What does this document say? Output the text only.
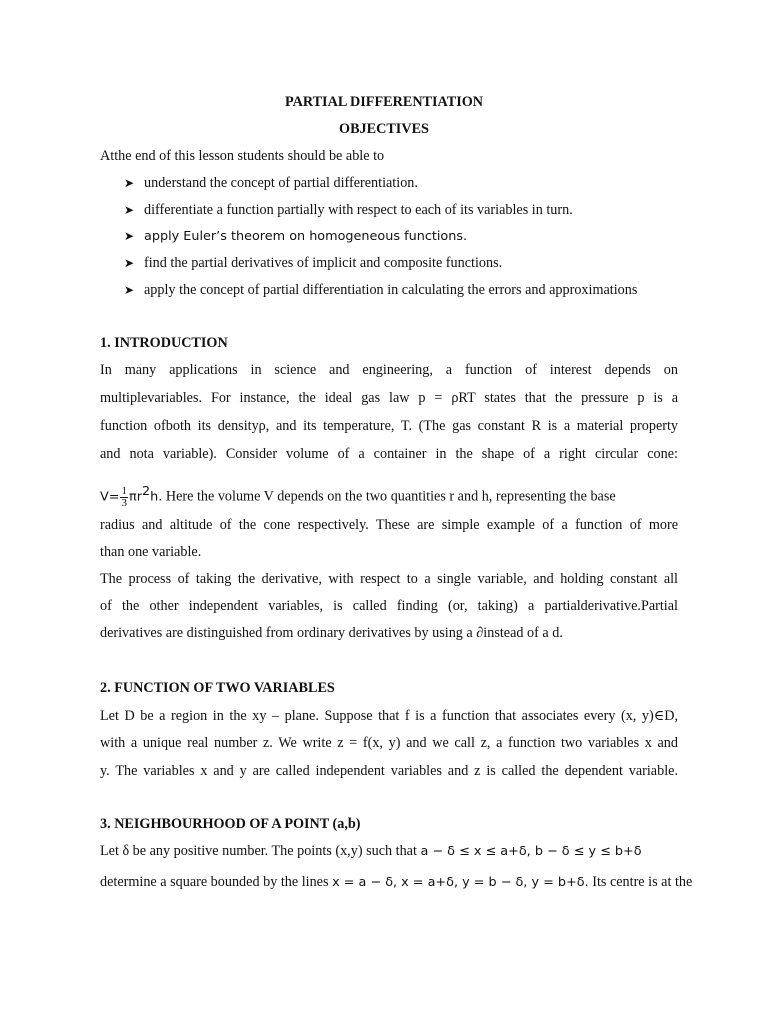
PARTIAL DIFFERENTIATION
OBJECTIVES
Atthe end of this lesson students should be able to
➤ understand the concept of partial differentiation.
➤ differentiate a function partially with respect to each of its variables in turn.
➤ apply Euler’s theorem on homogeneous functions.
➤ find the partial derivatives of implicit and composite functions.
➤ apply the concept of partial differentiation in calculating the errors and approximations
1. INTRODUCTION
In many applications in science and engineering, a function of interest depends on
multiplevariables. For instance, the ideal gas law p = ρRT states that the pressure p is a
function ofboth its densityρ, and its temperature, T. (The gas constant R is a material property
and nota variable). Consider volume of a container in the shape of a right circular cone:
$V= \frac{1}{3} \pi r^2h$. Here the volume V depends on the two quantities r and h, representing the base
radius and altitude of the cone respectively. These are simple example of a function of more
than one variable.
The process of taking the derivative, with respect to a single variable, and holding constant all
of the other independent variables, is called finding (or, taking) a partialderivative.Partial
derivatives are distinguished from ordinary derivatives by using a ∂instead of a d.
2. FUNCTION OF TWO VARIABLES
Let D be a region in the xy – plane. Suppose that f is a function that associates every (x, y)∈D,
with a unique real number z. We write z = f(x, y) and we call z, a function two variables x and
y. The variables x and y are called independent variables and z is called the dependent variable.
3. NEIGHBOURHOOD OF A POINT (a,b)
Let δ be any positive number. The points (x,y) such that a − δ ≤ x ≤ a+δ, b − δ ≤ y ≤ b+δ
determine a square bounded by the lines x = a − δ, x = a+δ, y = b − δ, y = b+δ. Its centre is at the
